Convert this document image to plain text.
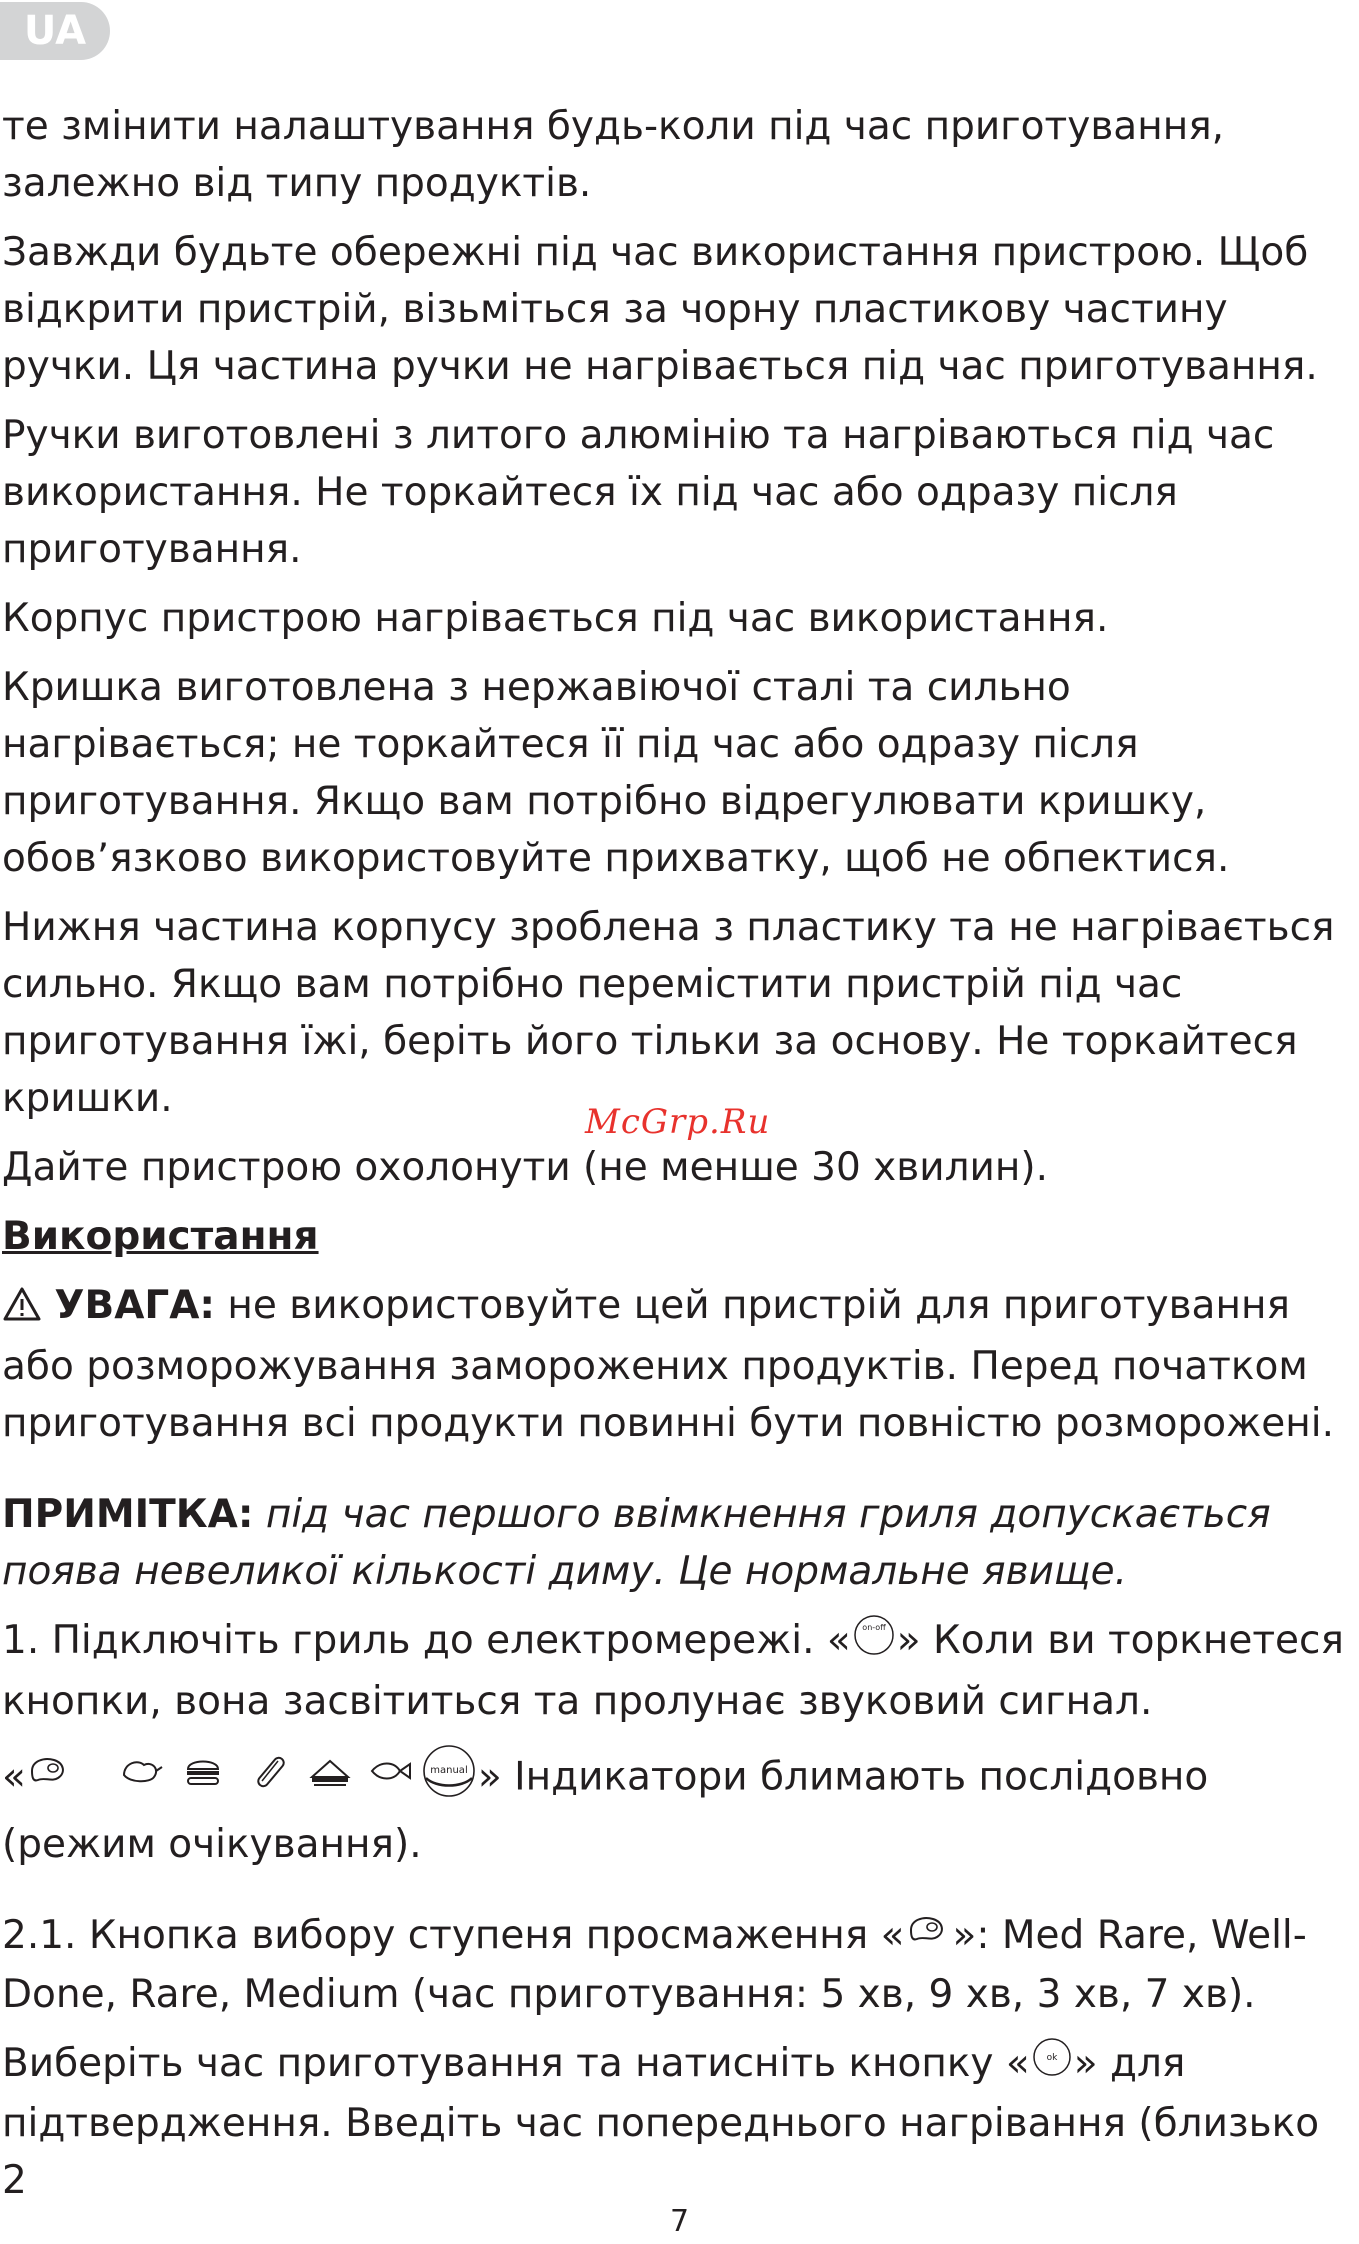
UA

те змінити налаштування будь-коли під час приготування, залежно від типу продуктів.

Завжди будьте обережні під час використання пристрою. Щоб відкрити пристрій, візьміться за чорну пластикову частину ручки. Ця частина ручки не нагрівається під час приготування.

Ручки виготовлені з литого алюмінію та нагріваються під час використання. Не торкайтеся їх під час або одразу після приготування.

Корпус пристрою нагрівається під час використання.

Кришка виготовлена з нержавіючої сталі та сильно нагрівається; не торкайтеся її під час або одразу після приготування. Якщо вам потрібно відрегулювати кришку, обов’язково використовуйте прихватку, щоб не обпектися.

Нижня частина корпусу зроблена з пластику та не нагрівається сильно. Якщо вам потрібно перемістити пристрій під час приготування їжі, беріть його тільки за основу. Не торкайтеся кришки.

Дайте пристрою охолонути (не менше 30 хвилин).

Використання

УВАГА: не використовуйте цей пристрій для приготування або розморожування заморожених продуктів. Перед початком приготування всі продукти повинні бути повністю розморожені.

ПРИМІТКА: під час першого ввімкнення гриля допускається поява невеликої кількості диму. Це нормальне явище.

1. Підключіть гриль до електромережі. « on-off » Коли ви торкнетеся кнопки, вона засвітиться та пролунає звуковий сигнал.

«	manual » Індикатори блимають послідовно (режим очікування).

2.1. Кнопка вибору ступеня просмаження « »: Med Rare, Well-Done, Rare, Medium (час приготування: 5 хв, 9 хв, 3 хв, 7 хв).

Виберіть час приготування та натисніть кнопку « ok » для підтвердження. Введіть час попереднього нагрівання (близько 2

McGrp.Ru
7
